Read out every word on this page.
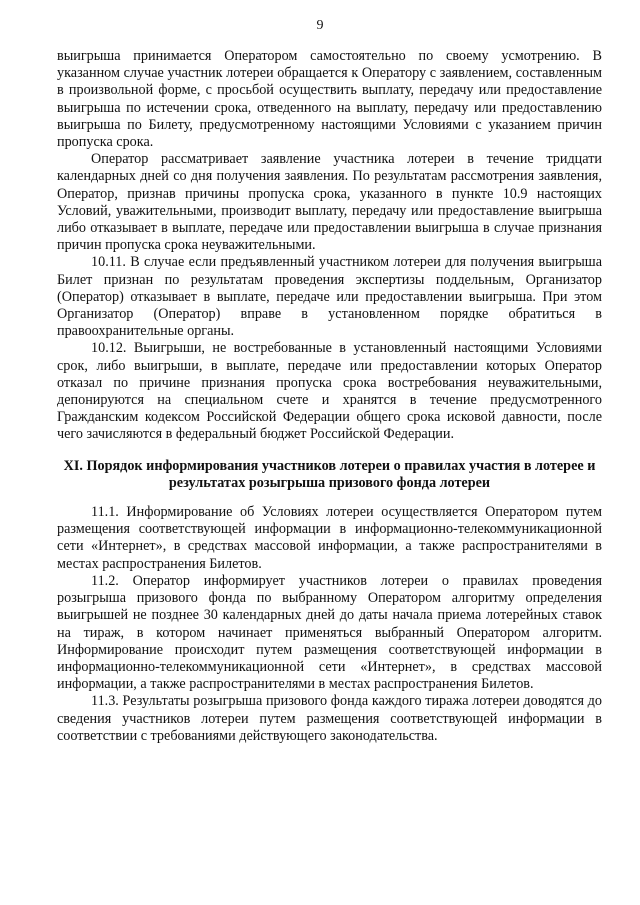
9

выигрыша принимается Оператором самостоятельно по своему усмотрению. В указанном случае участник лотереи обращается к Оператору с заявлением, составленным в произвольной форме, с просьбой осуществить выплату, передачу или предоставление выигрыша по истечении срока, отведенного на выплату, передачу или предоставлению выигрыша по Билету, предусмотренному настоящими Условиями с указанием причин пропуска срока.

Оператор рассматривает заявление участника лотереи в течение тридцати календарных дней со дня получения заявления. По результатам рассмотрения заявления, Оператор, признав причины пропуска срока, указанного в пункте 10.9 настоящих Условий, уважительными, производит выплату, передачу или предоставление выигрыша либо отказывает в выплате, передаче или предоставлении выигрыша в случае признания причин пропуска срока неуважительными.

10.11. В случае если предъявленный участником лотереи для получения выигрыша Билет признан по результатам проведения экспертизы поддельным, Организатор (Оператор) отказывает в выплате, передаче или предоставлении выигрыша. При этом Организатор (Оператор) вправе в установленном порядке обратиться в правоохранительные органы.

10.12. Выигрыши, не востребованные в установленный настоящими Условиями срок, либо выигрыши, в выплате, передаче или предоставлении которых Оператор отказал по причине признания пропуска срока востребования неуважительными, депонируются на специальном счете и хранятся в течение предусмотренного Гражданским кодексом Российской Федерации общего срока исковой давности, после чего зачисляются в федеральный бюджет Российской Федерации.

XI. Порядок информирования участников лотереи о правилах участия в лотерее и результатах розыгрыша призового фонда лотереи

11.1. Информирование об Условиях лотереи осуществляется Оператором путем размещения соответствующей информации в информационно-телекоммуникационной сети «Интернет», в средствах массовой информации, а также распространителями в местах распространения Билетов.

11.2. Оператор информирует участников лотереи о правилах проведения розыгрыша призового фонда по выбранному Оператором алгоритму определения выигрышей не позднее 30 календарных дней до даты начала приема лотерейных ставок на тираж, в котором начинает применяться выбранный Оператором алгоритм. Информирование происходит путем размещения соответствующей информации в информационно-телекоммуникационной сети «Интернет», в средствах массовой информации, а также распространителями в местах распространения Билетов.

11.3. Результаты розыгрыша призового фонда каждого тиража лотереи доводятся до сведения участников лотереи путем размещения соответствующей информации в соответствии с требованиями действующего законодательства.
